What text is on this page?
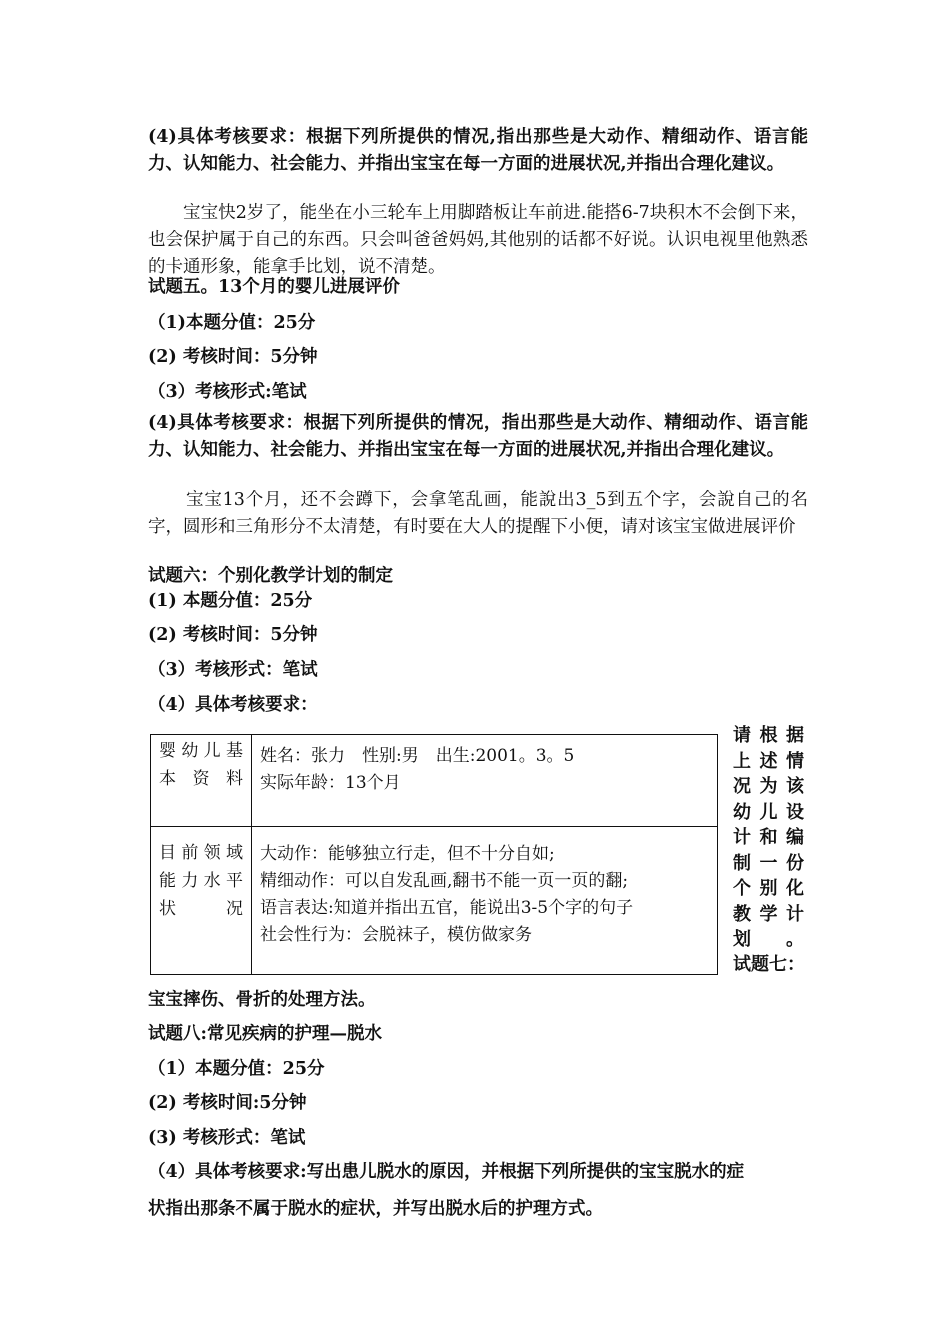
(4)具体考核要求：根据下列所提供的情况,指出那些是大动作、精细动作、语言能力、认知能力、社会能力、并指出宝宝在每一方面的进展状况,并指出合理化建议。
宝宝快2岁了，能坐在小三轮车上用脚踏板让车前进.能搭6-7块积木不会倒下来，也会保护属于自己的东西。只会叫爸爸妈妈,其他别的话都不好说。认识电视里他熟悉的卡通形象，能拿手比划，说不清楚。
试题五。13个月的婴儿进展评价
（1)本题分值：25分
(2) 考核时间：5分钟
（3）考核形式:笔试
(4)具体考核要求：根据下列所提供的情况，指出那些是大动作、精细动作、语言能力、认知能力、社会能力、并指出宝宝在每一方面的进展状况,并指出合理化建议。
宝宝13个月，还不会蹲下，会拿笔乱画，能說出3_5到五个字，会說自己的名字，圆形和三角形分不太清楚，有时要在大人的提醒下小便，请对该宝宝做进展评价
试题六：个别化教学计划的制定
(1) 本题分值：25分
(2) 考核时间：5分钟
（3）考核形式：笔试
（4）具体考核要求：
婴幼儿基本资料	姓名：张力　性别:男　出生:2001。3。5
实际年龄：13个月

目前领域能力水平状况	大动作：能够独立行走，但不十分自如;
精细动作：可以自发乱画,翻书不能一页一页的翻;
语言表达:知道并指出五官，能说出3-5个字的句子
社会性行为：会脱袜子，模仿做家务
请根据上述情况为该幼儿设计和编制一份个别化教学计划。
试题七：
宝宝摔伤、骨折的处理方法。
试题八:常见疾病的护理—脱水
（1）本题分值：25分
(2) 考核时间:5分钟
(3) 考核形式：笔试
（4）具体考核要求:写出患儿脱水的原因，并根据下列所提供的宝宝脱水的症
状指出那条不属于脱水的症状，并写出脱水后的护理方式。
